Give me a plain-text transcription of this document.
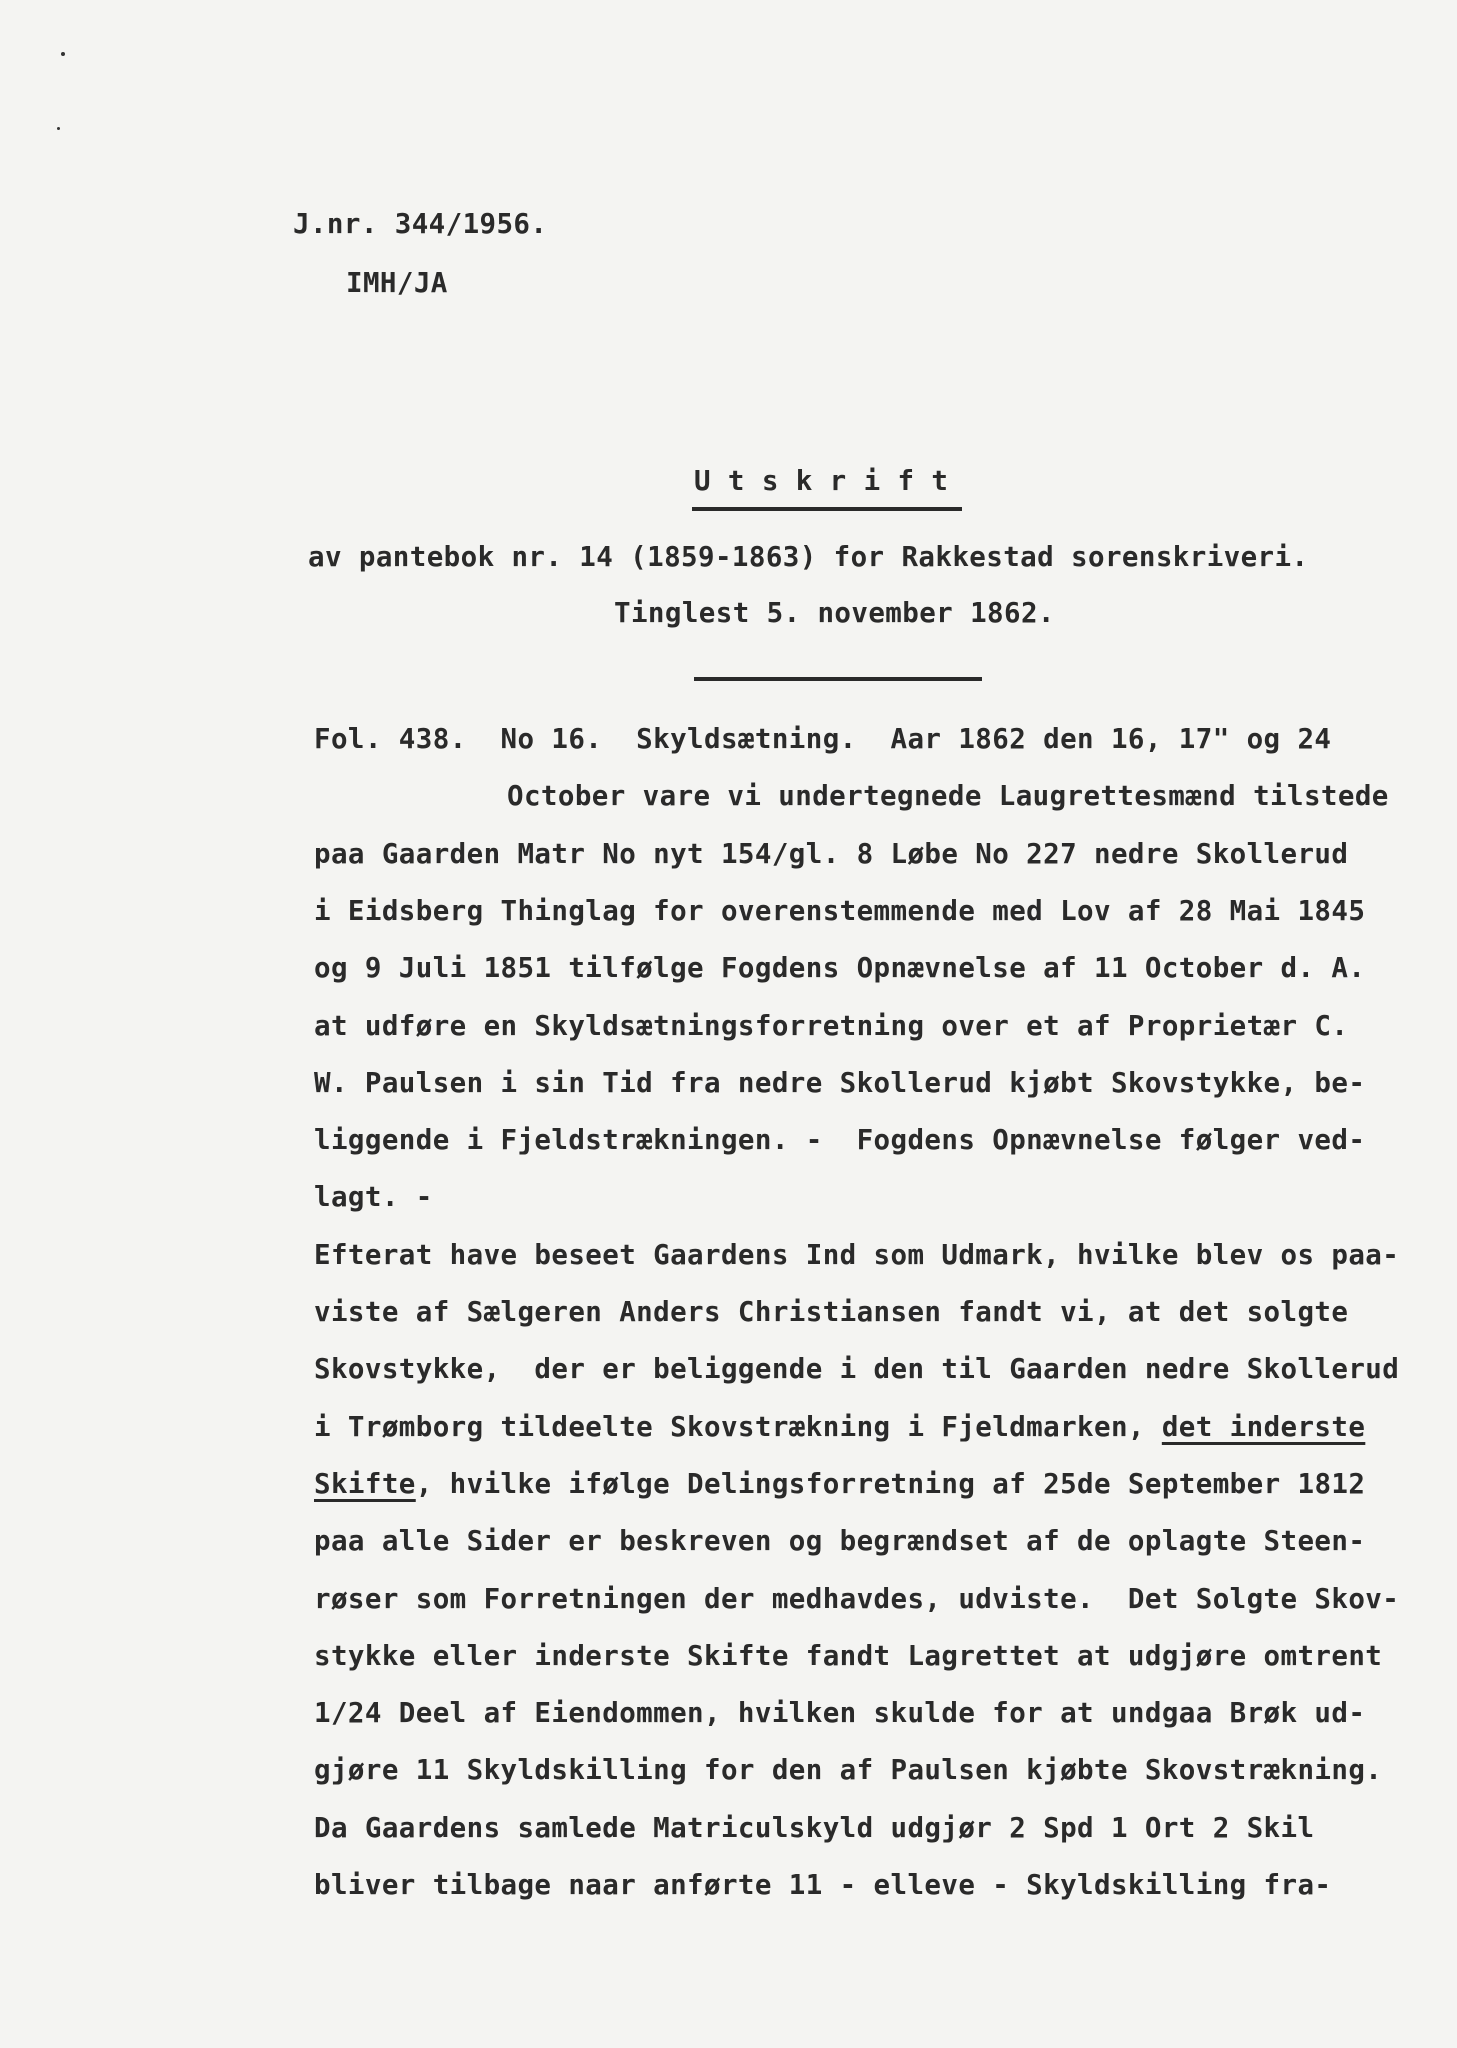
J.nr. 344/1956.
IMH/JA
U t s k r i f t
av pantebok nr. 14 (1859-1863) for Rakkestad sorenskriveri.
Tinglest 5. november 1862.
Fol. 438.  No 16.  Skyldsætning.  Aar 1862 den 16, 17" og 24
October vare vi undertegnede Laugrettesmænd tilstede
paa Gaarden Matr No nyt 154/gl. 8 Løbe No 227 nedre Skollerud
i Eidsberg Thinglag for overenstemmende med Lov af 28 Mai 1845
og 9 Juli 1851 tilfølge Fogdens Opnævnelse af 11 October d. A.
at udføre en Skyldsætningsforretning over et af Proprietær C.
W. Paulsen i sin Tid fra nedre Skollerud kjøbt Skovstykke, be-
liggende i Fjeldstrækningen. -  Fogdens Opnævnelse følger ved-
lagt. -
Efterat have beseet Gaardens Ind som Udmark, hvilke blev os paa-
viste af Sælgeren Anders Christiansen fandt vi, at det solgte
Skovstykke,  der er beliggende i den til Gaarden nedre Skollerud
i Trømborg tildeelte Skovstrækning i Fjeldmarken, det inderste
Skifte, hvilke ifølge Delingsforretning af 25de September 1812
paa alle Sider er beskreven og begrændset af de oplagte Steen-
røser som Forretningen der medhavdes, udviste.  Det Solgte Skov-
stykke eller inderste Skifte fandt Lagrettet at udgjøre omtrent
1/24 Deel af Eiendommen, hvilken skulde for at undgaa Brøk ud-
gjøre 11 Skyldskilling for den af Paulsen kjøbte Skovstrækning.
Da Gaardens samlede Matriculskyld udgjør 2 Spd 1 Ort 2 Skil
bliver tilbage naar anførte 11 - elleve - Skyldskilling fra-
